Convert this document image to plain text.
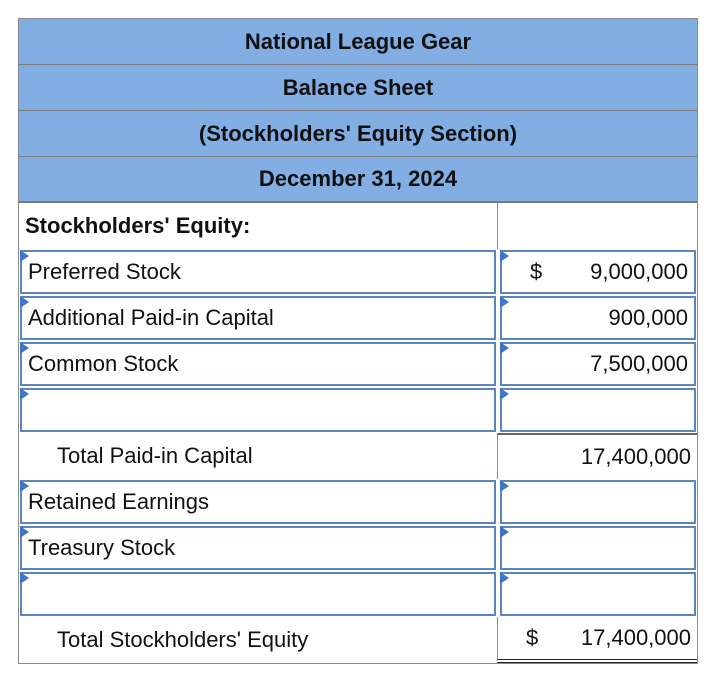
National League Gear
Balance Sheet
(Stockholders' Equity Section)
December 31, 2024
Stockholders' Equity:
Preferred Stock	$ 9,000,000
Additional Paid-in Capital	900,000
Common Stock	7,500,000
Total Paid-in Capital	17,400,000
Retained Earnings
Treasury Stock
Total Stockholders' Equity	$ 17,400,000
